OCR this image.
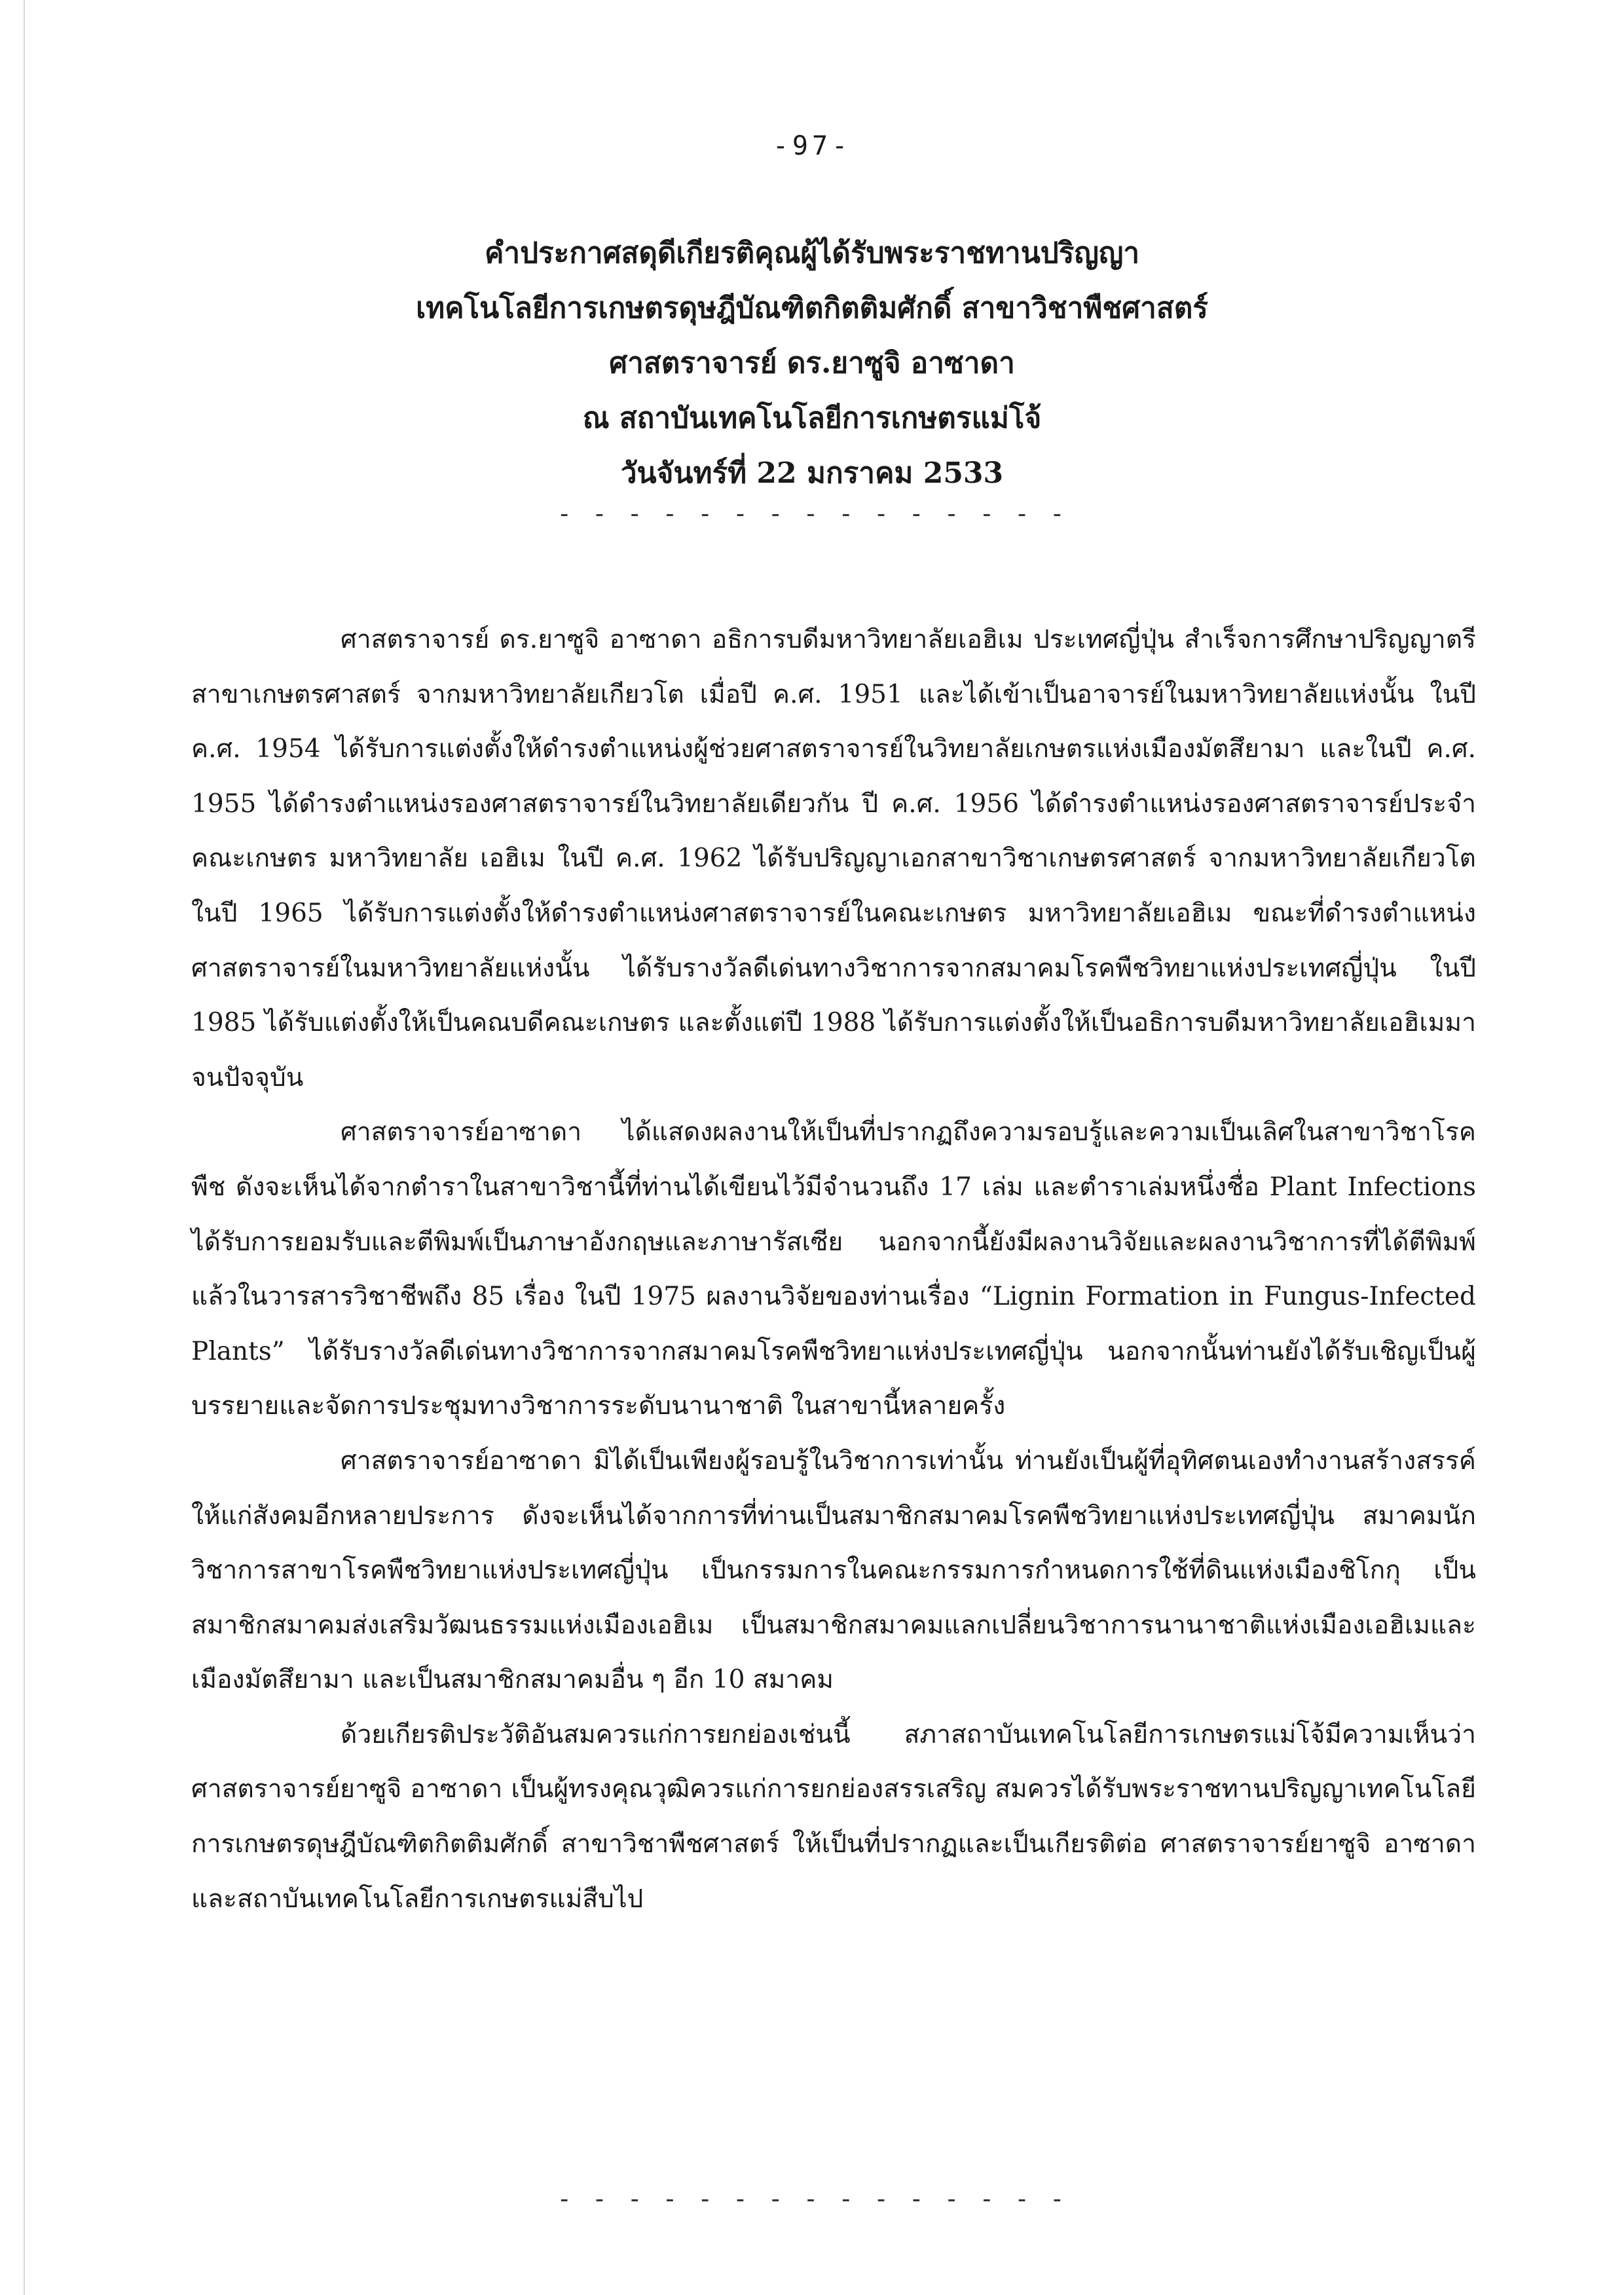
-97-
คำประกาศสดุดีเกียรติคุณผู้ได้รับพระราชทานปริญญา
เทคโนโลยีการเกษตรดุษฎีบัณฑิตกิตติมศักดิ์ สาขาวิชาพืชศาสตร์
ศาสตราจารย์ ดร.ยาซูจิ อาซาดา
ณ สถาบันเทคโนโลยีการเกษตรแม่โจ้
วันจันทร์ที่ 22 มกราคม 2533
- - - - - - - - - - - - - - -

ศาสตราจารย์ ดร.ยาซูจิ อาซาดา อธิการบดีมหาวิทยาลัยเอฮิเม ประเทศญี่ปุ่น สำเร็จการศึกษาปริญญาตรี สาขาเกษตรศาสตร์ จากมหาวิทยาลัยเกียวโต เมื่อปี ค.ศ. 1951 และได้เข้าเป็นอาจารย์ในมหาวิทยาลัยแห่งนั้น ในปี ค.ศ. 1954 ได้รับการแต่งตั้งให้ดำรงตำแหน่งผู้ช่วยศาสตราจารย์ในวิทยาลัยเกษตรแห่งเมืองมัตสึยามา และในปี ค.ศ. 1955 ได้ดำรงตำแหน่งรองศาสตราจารย์ในวิทยาลัยเดียวกัน ปี ค.ศ. 1956 ได้ดำรงตำแหน่งรองศาสตราจารย์ประจำคณะเกษตร มหาวิทยาลัย เอฮิเม ในปี ค.ศ. 1962 ได้รับปริญญาเอกสาขาวิชาเกษตรศาสตร์ จากมหาวิทยาลัยเกียวโต ในปี 1965 ได้รับการแต่งตั้งให้ดำรงตำแหน่งศาสตราจารย์ในคณะเกษตร มหาวิทยาลัยเอฮิเม ขณะที่ดำรงตำแหน่งศาสตราจารย์ในมหาวิทยาลัยแห่งนั้น ได้รับรางวัลดีเด่นทางวิชาการจากสมาคมโรคพืชวิทยาแห่งประเทศญี่ปุ่น ในปี 1985 ได้รับแต่งตั้งให้เป็นคณบดีคณะเกษตร และตั้งแต่ปี 1988 ได้รับการแต่งตั้งให้เป็นอธิการบดีมหาวิทยาลัยเอฮิเมมาจนปัจจุบัน

ศาสตราจารย์อาซาดา ได้แสดงผลงานให้เป็นที่ปรากฏถึงความรอบรู้และความเป็นเลิศในสาขาวิชาโรคพืช ดังจะเห็นได้จากตำราในสาขาวิชานี้ที่ท่านได้เขียนไว้มีจำนวนถึง 17 เล่ม และตำราเล่มหนึ่งชื่อ Plant Infections ได้รับการยอมรับและตีพิมพ์เป็นภาษาอังกฤษและภาษารัสเซีย นอกจากนี้ยังมีผลงานวิจัยและผลงานวิชาการที่ได้ตีพิมพ์แล้วในวารสารวิชาชีพถึง 85 เรื่อง ในปี 1975 ผลงานวิจัยของท่านเรื่อง “Lignin Formation in Fungus-Infected Plants” ได้รับรางวัลดีเด่นทางวิชาการจากสมาคมโรคพืชวิทยาแห่งประเทศญี่ปุ่น นอกจากนั้นท่านยังได้รับเชิญเป็นผู้บรรยายและจัดการประชุมทางวิชาการระดับนานาชาติ ในสาขานี้หลายครั้ง

ศาสตราจารย์อาซาดา มิได้เป็นเพียงผู้รอบรู้ในวิชาการเท่านั้น ท่านยังเป็นผู้ที่อุทิศตนเองทำงานสร้างสรรค์ให้แก่สังคมอีกหลายประการ ดังจะเห็นได้จากการที่ท่านเป็นสมาชิกสมาคมโรคพืชวิทยาแห่งประเทศญี่ปุ่น สมาคมนักวิชาการสาขาโรคพืชวิทยาแห่งประเทศญี่ปุ่น เป็นกรรมการในคณะกรรมการกำหนดการใช้ที่ดินแห่งเมืองชิโกกุ เป็นสมาชิกสมาคมส่งเสริมวัฒนธรรมแห่งเมืองเอฮิเม เป็นสมาชิกสมาคมแลกเปลี่ยนวิชาการนานาชาติแห่งเมืองเอฮิเมและเมืองมัตสึยามา และเป็นสมาชิกสมาคมอื่น ๆ อีก 10 สมาคม

ด้วยเกียรติประวัติอันสมควรแก่การยกย่องเช่นนี้ สภาสถาบันเทคโนโลยีการเกษตรแม่โจ้มีความเห็นว่า ศาสตราจารย์ยาซูจิ อาซาดา เป็นผู้ทรงคุณวุฒิควรแก่การยกย่องสรรเสริญ สมควรได้รับพระราชทานปริญญาเทคโนโลยีการเกษตรดุษฎีบัณฑิตกิตติมศักดิ์ สาขาวิชาพืชศาสตร์ ให้เป็นที่ปรากฏและเป็นเกียรติต่อ ศาสตราจารย์ยาซูจิ อาซาดา และสถาบันเทคโนโลยีการเกษตรแม่สืบไป

- - - - - - - - - - - - - - -
